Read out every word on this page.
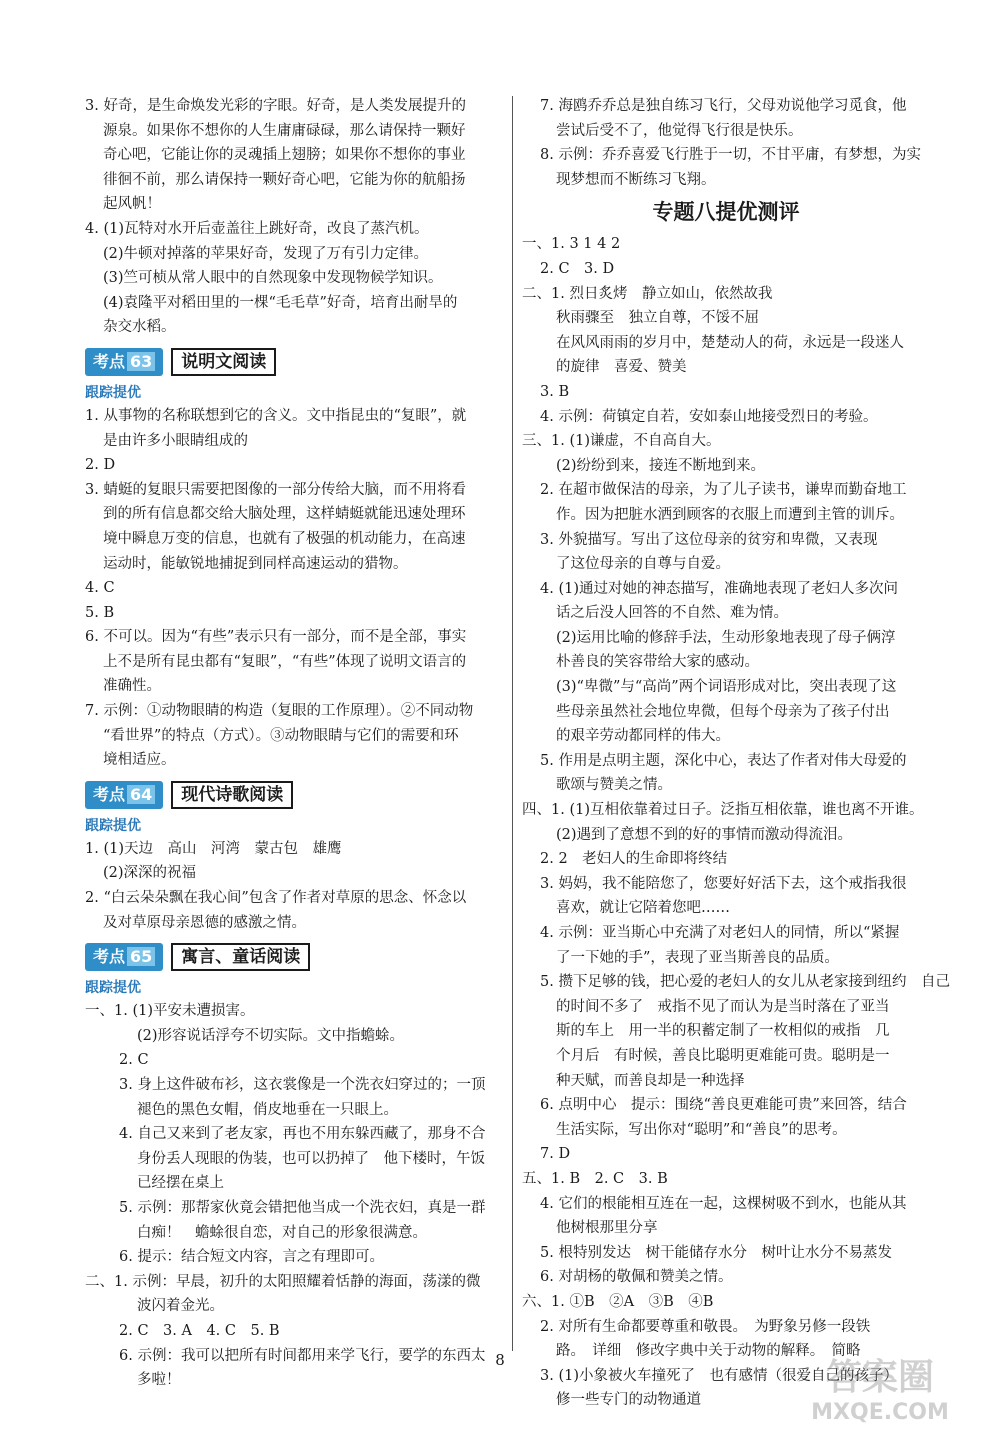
3. 好奇，是生命焕发光彩的字眼。好奇，是人类发展提升的
源泉。如果你不想你的人生庸庸碌碌，那么请保持一颗好
奇心吧，它能让你的灵魂插上翅膀；如果你不想你的事业
徘徊不前，那么请保持一颗好奇心吧，它能为你的航船扬
起风帆！
4. (1)瓦特对水开后壶盖往上跳好奇，改良了蒸汽机。
(2)牛顿对掉落的苹果好奇，发现了万有引力定律。
(3)竺可桢从常人眼中的自然现象中发现物候学知识。
(4)袁隆平对稻田里的一棵“毛毛草”好奇，培育出耐旱的
杂交水稻。
考点 63	说明文阅读
跟踪提优
1. 从事物的名称联想到它的含义。文中指昆虫的“复眼”，就
是由许多小眼睛组成的
2. D
3. 蜻蜓的复眼只需要把图像的一部分传给大脑，而不用将看
到的所有信息都交给大脑处理，这样蜻蜓就能迅速处理环
境中瞬息万变的信息，也就有了极强的机动能力，在高速
运动时，能敏锐地捕捉到同样高速运动的猎物。
4. C
5. B
6. 不可以。因为“有些”表示只有一部分，而不是全部，事实
上不是所有昆虫都有“复眼”，“有些”体现了说明文语言的
准确性。
7. 示例：①动物眼睛的构造（复眼的工作原理）。②不同动物
“看世界”的特点（方式）。③动物眼睛与它们的需要和环
境相适应。
考点 64	现代诗歌阅读
跟踪提优
1. (1)天边　高山　河湾　蒙古包　雄鹰
(2)深深的祝福
2. “白云朵朵飘在我心间”包含了作者对草原的思念、怀念以
及对草原母亲恩德的感激之情。
考点 65	寓言、童话阅读
跟踪提优
一、1. (1)平安未遭损害。
(2)形容说话浮夸不切实际。文中指蟾蜍。
2. C
3. 身上这件破布衫，这衣裳像是一个洗衣妇穿过的；一顶
褪色的黑色女帽，俏皮地垂在一只眼上。
4. 自己又来到了老友家，再也不用东躲西藏了，那身不合
身份丢人现眼的伪装，也可以扔掉了　他下楼时，午饭
已经摆在桌上
5. 示例：那帮家伙竟会错把他当成一个洗衣妇，真是一群
白痴！　蟾蜍很自恋，对自己的形象很满意。
6. 提示：结合短文内容，言之有理即可。
二、1. 示例：早晨，初升的太阳照耀着恬静的海面，荡漾的微
波闪着金光。
2. C　3. A　4. C　5. B
6. 示例：我可以把所有时间都用来学飞行，要学的东西太
多啦！
7. 海鸥乔乔总是独自练习飞行，父母劝说他学习觅食，他
尝试后受不了，他觉得飞行很是快乐。
8. 示例：乔乔喜爱飞行胜于一切，不甘平庸，有梦想，为实
现梦想而不断练习飞翔。
专题八提优测评
一、1. 3 1 4 2
2. C　3. D
二、1. 烈日炙烤　静立如山，依然故我
秋雨骤至　独立自尊，不馁不屈
在风风雨雨的岁月中，楚楚动人的荷，永远是一段迷人
的旋律　喜爱、赞美
3. B
4. 示例：荷镇定自若，安如泰山地接受烈日的考验。
三、1. (1)谦虚，不自高自大。
(2)纷纷到来，接连不断地到来。
2. 在超市做保洁的母亲，为了儿子读书，谦卑而勤奋地工
作。因为把脏水洒到顾客的衣服上而遭到主管的训斥。
3. 外貌描写。写出了这位母亲的贫穷和卑微，又表现
了这位母亲的自尊与自爱。
4. (1)通过对她的神态描写，准确地表现了老妇人多次问
话之后没人回答的不自然、难为情。
(2)运用比喻的修辞手法，生动形象地表现了母子俩淳
朴善良的笑容带给大家的感动。
(3)“卑微”与“高尚”两个词语形成对比，突出表现了这
些母亲虽然社会地位卑微，但每个母亲为了孩子付出
的艰辛劳动都同样的伟大。
5. 作用是点明主题，深化中心，表达了作者对伟大母爱的
歌颂与赞美之情。
四、1. (1)互相依靠着过日子。泛指互相依靠，谁也离不开谁。
(2)遇到了意想不到的好的事情而激动得流泪。
2. 2　老妇人的生命即将终结
3. 妈妈，我不能陪您了，您要好好活下去，这个戒指我很
喜欢，就让它陪着您吧……
4. 示例：亚当斯心中充满了对老妇人的同情，所以“紧握
了一下她的手”，表现了亚当斯善良的品质。
5. 攒下足够的钱，把心爱的老妇人的女儿从老家接到纽约　自己
的时间不多了　戒指不见了而认为是当时落在了亚当
斯的车上　用一半的积蓄定制了一枚相似的戒指　几
个月后　有时候，善良比聪明更难能可贵。聪明是一
种天赋，而善良却是一种选择
6. 点明中心　提示：围绕“善良更难能可贵”来回答，结合
生活实际，写出你对“聪明”和“善良”的思考。
7. D
五、1. B　2. C　3. B
4. 它们的根能相互连在一起，这棵树吸不到水，也能从其
他树根那里分享
5. 根特别发达　树干能储存水分　树叶让水分不易蒸发
6. 对胡杨的敬佩和赞美之情。
六、1. ①B　②A　③B　④B
2. 对所有生命都要尊重和敬畏。　为野象另修一段铁
路。　详细　修改字典中关于动物的解释。　简略
3. (1)小象被火车撞死了　也有感情（很爱自己的孩子）
修一些专门的动物通道
8	答案圈
MXQE.COM
